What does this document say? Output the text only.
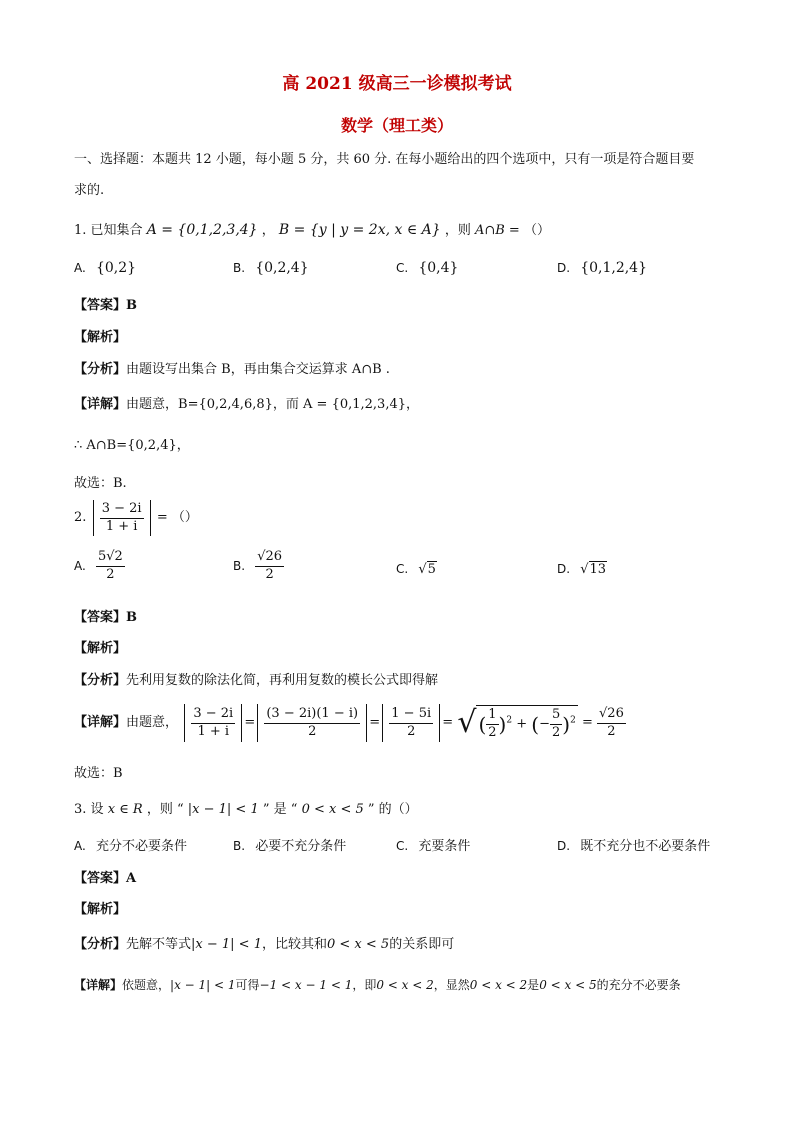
高 2021 级高三一诊模拟考试
数学（理工类）
一、选择题：本题共 12 小题，每小题 5 分，共 60 分. 在每小题给出的四个选项中，只有一项是符合题目要
求的.
1. 已知集合 A = {0,1,2,3,4} ， B = {y | y = 2x, x ∈ A} ，则 A∩B = （）
A. {0,2}	B. {0,2,4}	C. {0,4}	D. {0,1,2,4}
【答案】B
【解析】
【分析】由题设写出集合 B，再由集合交运算求 A∩B .
【详解】由题意，B={0,2,4,6,8}，而 A = {0,1,2,3,4}，
∴ A∩B={0,2,4}，
故选：B.
2. $\frac{3 - 2i}{1 + i}$ = （）
A. $\frac{5√2}{2}$	B. $\frac{√26}{2}$	C. √5	D. √13
【答案】B
【解析】
【分析】先利用复数的除法化简，再利用复数的模长公式即得解
【详解】由题意， $\frac{3 - 2i}{1 + i} = \frac{(3 - 2i)(1 - i)}{2} = \frac{1 - 5i}{2}$ = √ ( $\frac{1}{2} )^2$ + (− $\frac{5}{2} )^2 = \frac{√26}{2}$
故选：B
3. 设 x ∈ R ，则 “ |x − 1| < 1 ” 是 “ 0 < x < 5 ” 的（）
A. 充分不必要条件	B. 必要不充分条件	C. 充要条件	D. 既不充分也不必要条件
【答案】A
【解析】
【分析】先解不等式|x − 1| < 1，比较其和0 < x < 5的关系即可
【详解】依题意，|x − 1| < 1可得−1 < x − 1 < 1，即0 < x < 2，显然0 < x < 2是0 < x < 5的充分不必要条
